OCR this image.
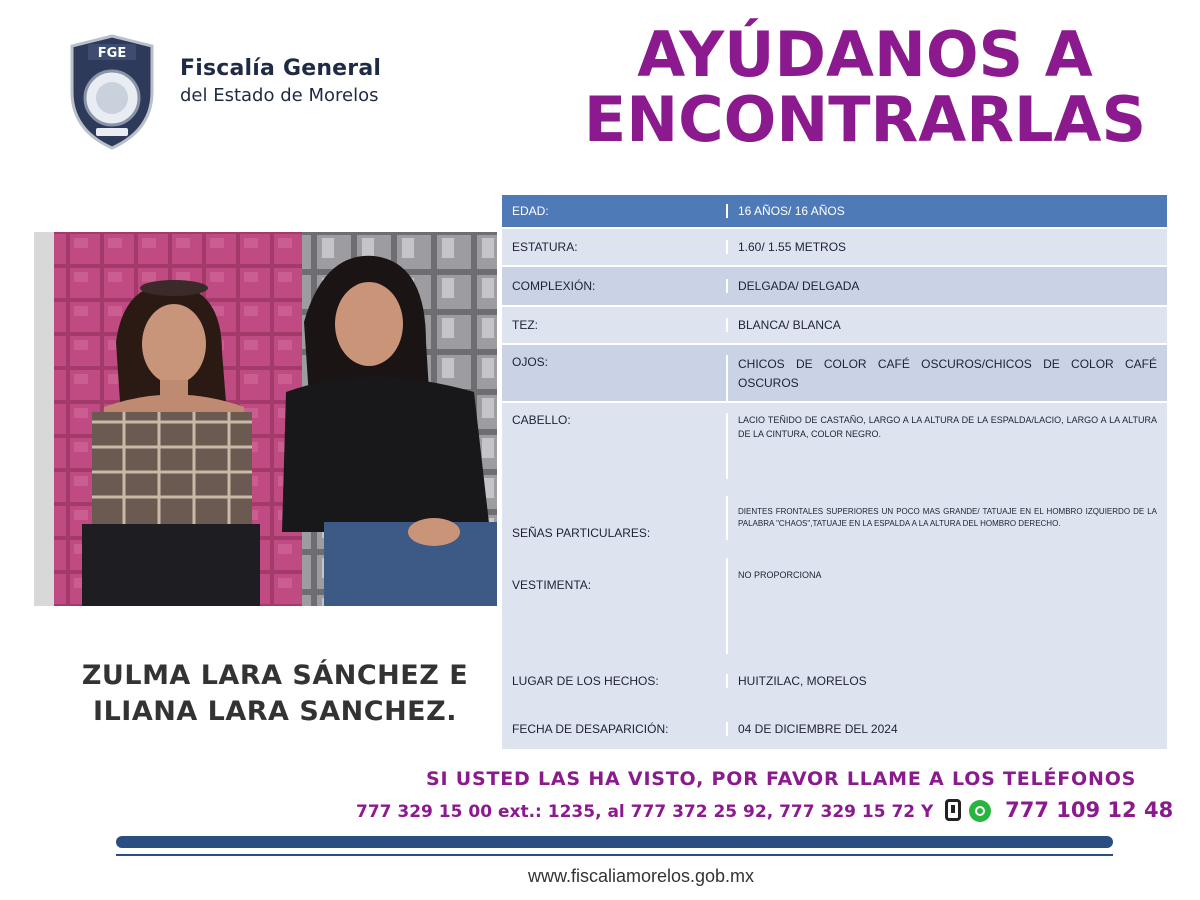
FGE
Fiscalía General
del Estado de Morelos
AYÚDANOS A
ENCONTRARLAS
ZULMA LARA SÁNCHEZ E
ILIANA LARA SANCHEZ.
EDAD:	16 AÑOS/ 16 AÑOS
ESTATURA:	1.60/ 1.55 METROS
COMPLEXIÓN:	DELGADA/ DELGADA
TEZ:	BLANCA/ BLANCA
OJOS:	CHICOS DE COLOR CAFÉ OSCUROS/CHICOS DE COLOR CAFÉ OSCUROS
CABELLO:	LACIO TEÑIDO DE CASTAÑO, LARGO A LA ALTURA DE LA ESPALDA/LACIO, LARGO A LA ALTURA DE LA CINTURA, COLOR NEGRO.
SEÑAS PARTICULARES:
DIENTES FRONTALES SUPERIORES UN POCO MAS GRANDE/ TATUAJE EN EL HOMBRO IZQUIERDO DE LA PALABRA "CHAOS",TATUAJE EN LA ESPALDA A LA ALTURA DEL HOMBRO DERECHO.
VESTIMENTA:
NO PROPORCIONA
LUGAR DE LOS HECHOS:	HUITZILAC, MORELOS
FECHA DE DESAPARICIÓN:	04 DE DICIEMBRE DEL 2024
SI USTED LAS HA VISTO, POR FAVOR LLAME A LOS TELÉFONOS
777 329 15 00 ext.: 1235, al 777 372 25 92, 777 329 15 72 Y	777 109 12 48
www.fiscaliamorelos.gob.mx
